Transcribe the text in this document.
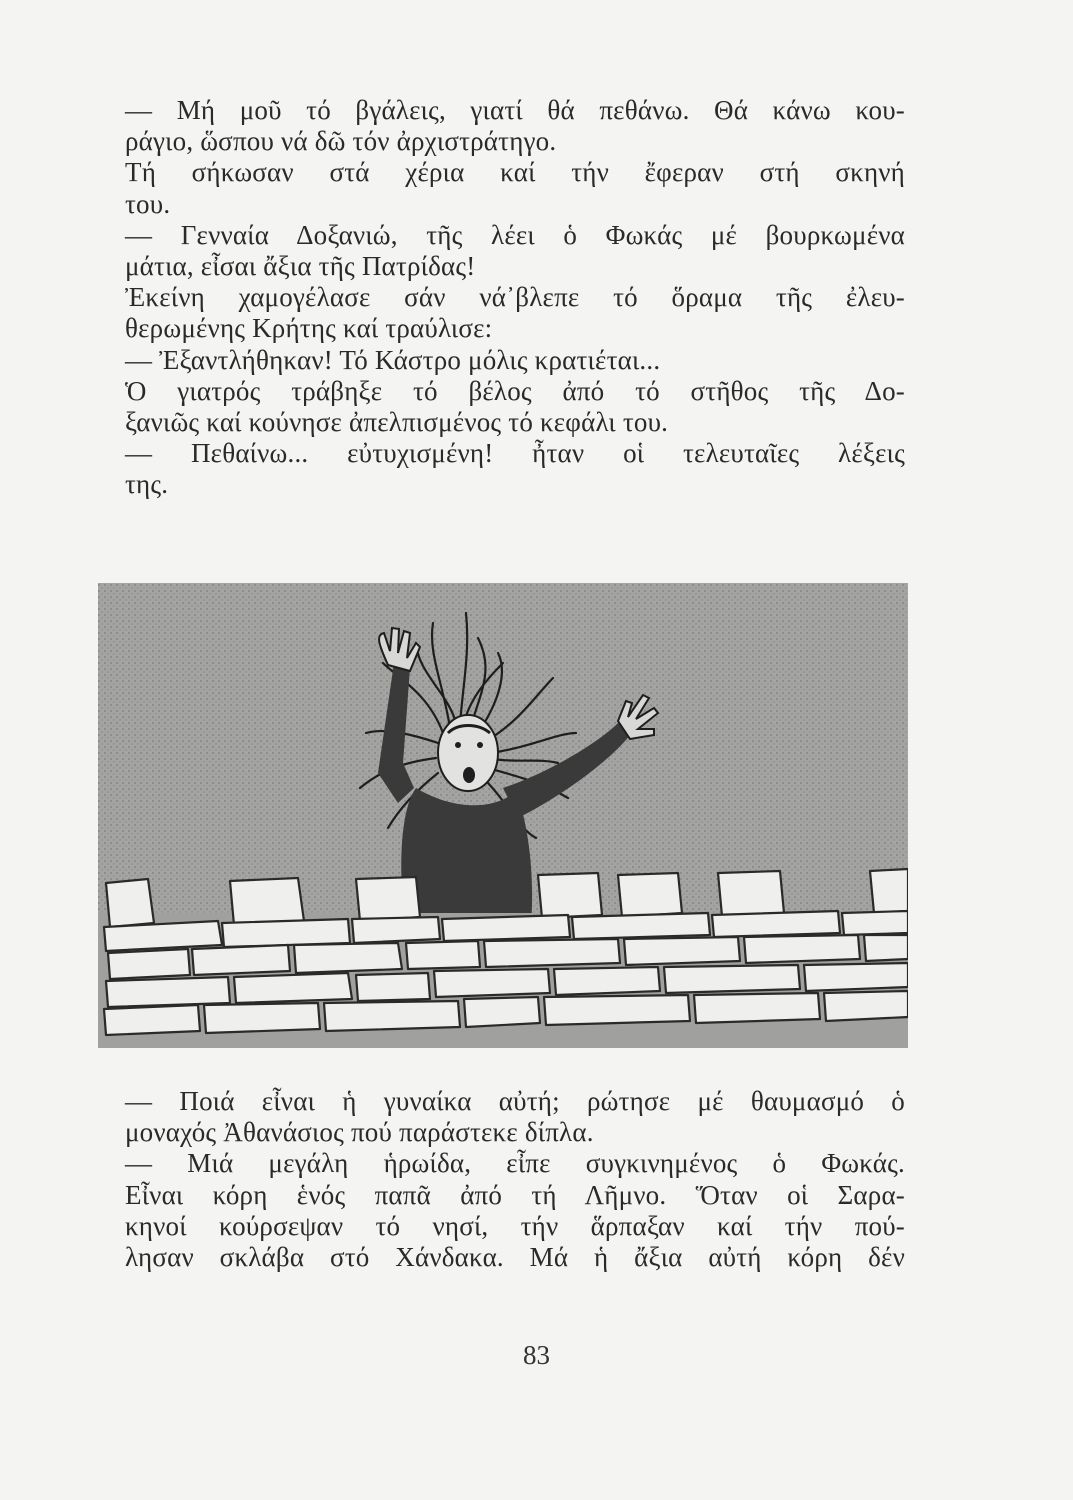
— Μή μοῦ τό βγάλεις, γιατί θά πεθάνω. Θά κάνω κου-
ράγιο, ὥσπου νά δῶ τόν ἀρχιστράτηγο.
Τή σήκωσαν στά χέρια καί τήν ἔφεραν στή σκηνή
του.
— Γενναία Δοξανιώ, τῆς λέει ὁ Φωκάς μέ βουρκωμένα
μάτια, εἶσαι ἄξια τῆς Πατρίδας!
Ἐκείνη χαμογέλασε σάν νά᾿βλεπε τό ὅραμα τῆς ἐλευ-
θερωμένης Κρήτης καί τραύλισε:
— Ἐξαντλήθηκαν! Τό Κάστρο μόλις κρατιέται...
Ὁ γιατρός τράβηξε τό βέλος ἀπό τό στῆθος τῆς Δο-
ξανιῶς καί κούνησε ἀπελπισμένος τό κεφάλι του.
— Πεθαίνω... εὐτυχισμένη! ἦταν οἱ τελευταῖες λέξεις
της.
— Ποιά εἶναι ἡ γυναίκα αὐτή; ρώτησε μέ θαυμασμό ὁ
μοναχός Ἀθανάσιος πού παράστεκε δίπλα.
— Μιά μεγάλη ἡρωίδα, εἶπε συγκινημένος ὁ Φωκάς.
Εἶναι κόρη ἑνός παπᾶ ἀπό τή Λῆμνο. Ὅταν οἱ Σαρα-
κηνοί κούρσεψαν τό νησί, τήν ἅρπαξαν καί τήν πού-
λησαν σκλάβα στό Χάνδακα. Μά ἡ ἄξια αὐτή κόρη δέν
83
